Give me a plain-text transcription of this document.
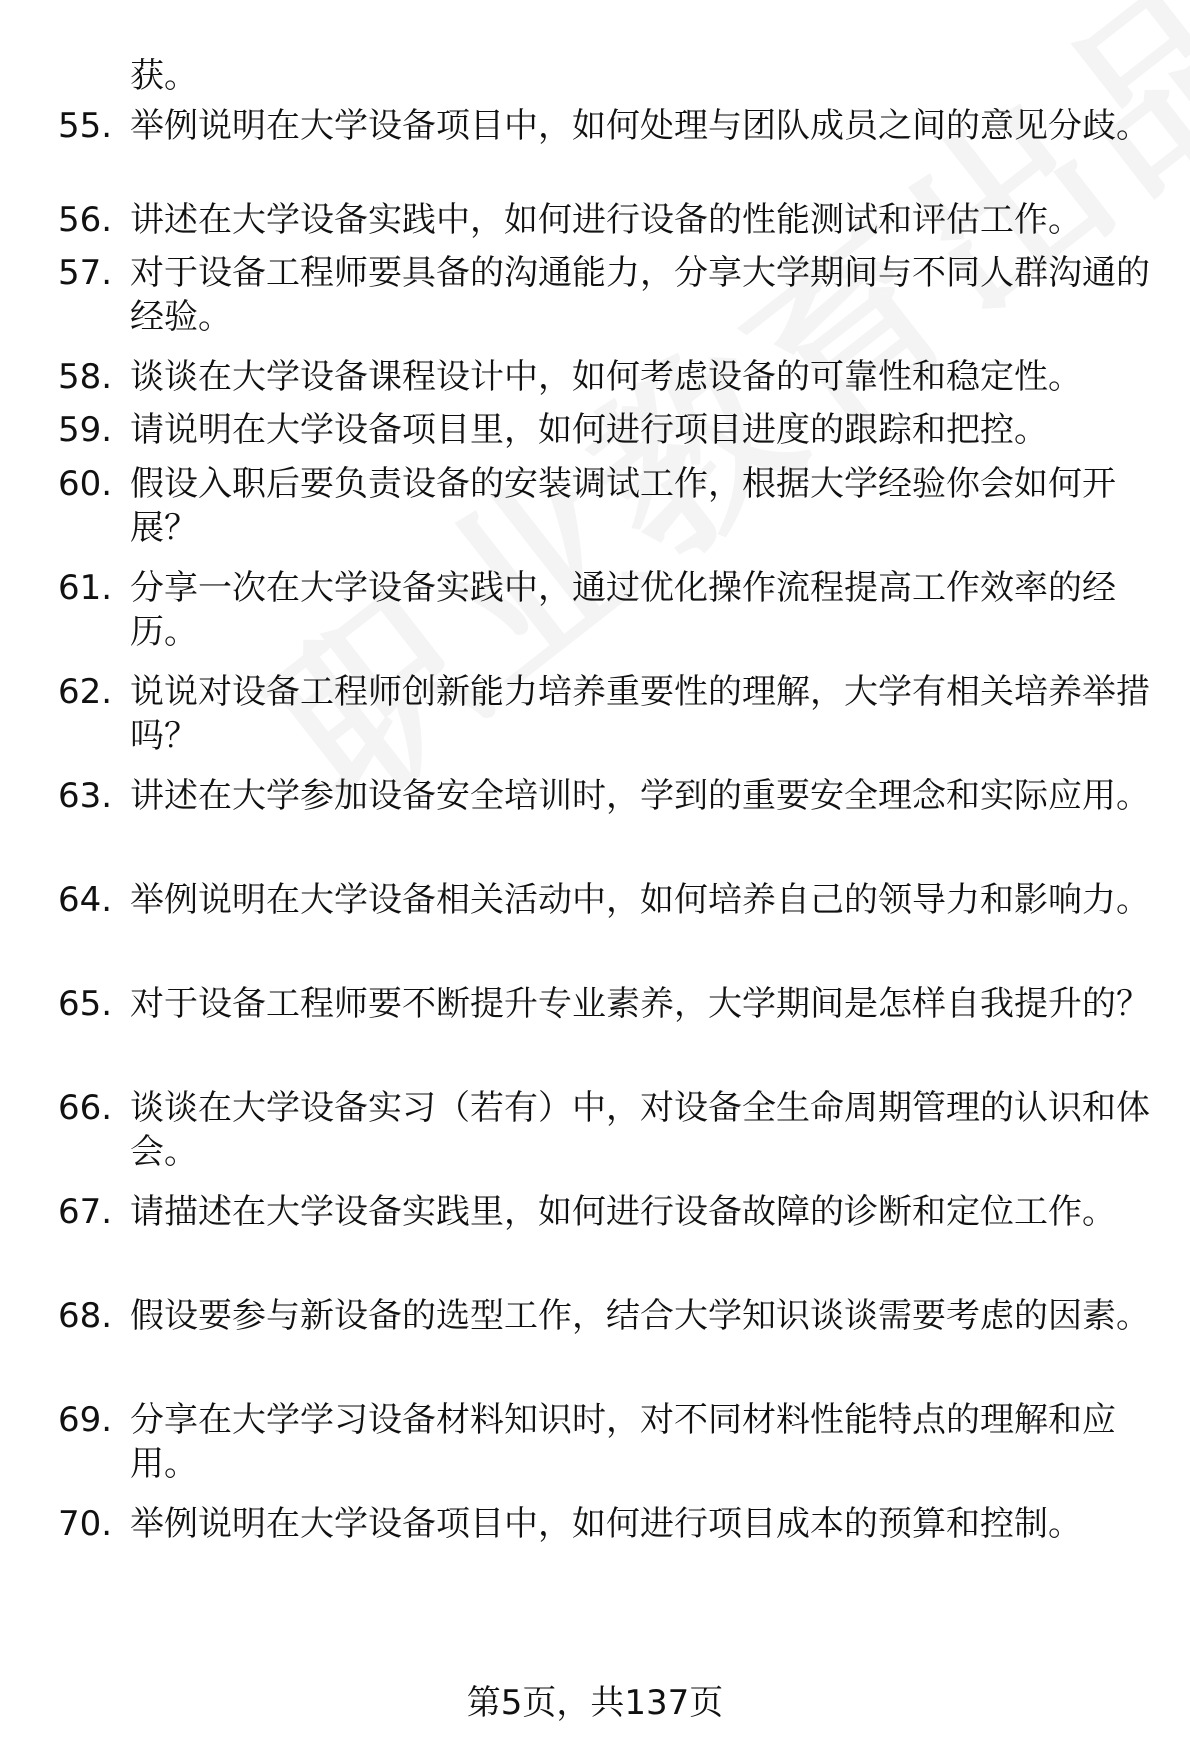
获。
55. 举例说明在大学设备项目中，如何处理与团队成员之间的意见分歧。
56. 讲述在大学设备实践中，如何进行设备的性能测试和评估工作。
57. 对于设备工程师要具备的沟通能力，分享大学期间与不同人群沟通的经验。
58. 谈谈在大学设备课程设计中，如何考虑设备的可靠性和稳定性。
59. 请说明在大学设备项目里，如何进行项目进度的跟踪和把控。
60. 假设入职后要负责设备的安装调试工作，根据大学经验你会如何开展？
61. 分享一次在大学设备实践中，通过优化操作流程提高工作效率的经历。
62. 说说对设备工程师创新能力培养重要性的理解，大学有相关培养举措吗？
63. 讲述在大学参加设备安全培训时，学到的重要安全理念和实际应用。
64. 举例说明在大学设备相关活动中，如何培养自己的领导力和影响力。
65. 对于设备工程师要不断提升专业素养，大学期间是怎样自我提升的？
66. 谈谈在大学设备实习（若有）中，对设备全生命周期管理的认识和体会。
67. 请描述在大学设备实践里，如何进行设备故障的诊断和定位工作。
68. 假设要参与新设备的选型工作，结合大学知识谈谈需要考虑的因素。
69. 分享在大学学习设备材料知识时，对不同材料性能特点的理解和应用。
70. 举例说明在大学设备项目中，如何进行项目成本的预算和控制。
第5页，共137页
